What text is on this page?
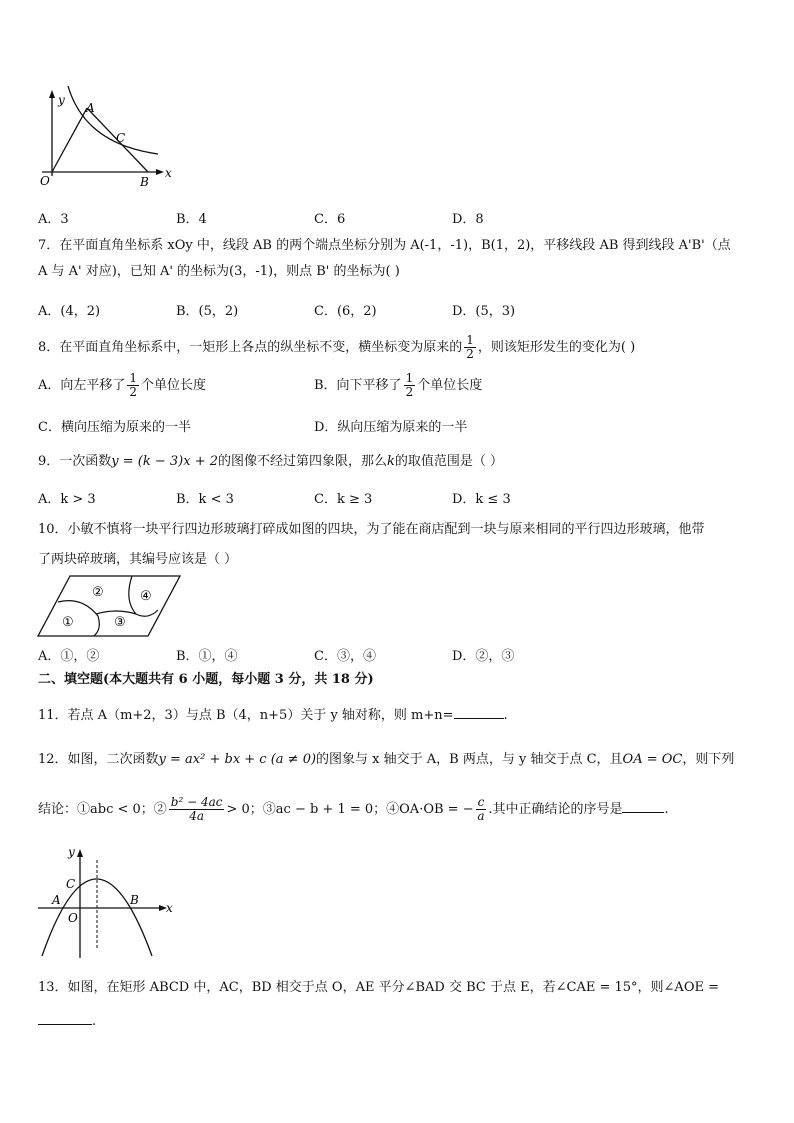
y
A
C
x
O	B
A．3	B．4	C．6	D．8
7．在平面直角坐标系 xOy 中，线段 AB 的两个端点坐标分别为 A(-1，-1)，B(1，2)，平移线段 AB 得到线段 A'B'（点
A 与 A' 对应)，已知 A' 的坐标为(3，-1)，则点 B' 的坐标为( )
A．(4，2)	B．(5，2)	C．(6，2)	D．(5，3)
8．在平面直角坐标系中，一矩形上各点的纵坐标不变，横坐标变为原来的 $\frac{1}{2}$ ，则该矩形发生的变化为( )
A．向左平移了 $\frac{1}{2}$ 个单位长度	B．向下平移了 $\frac{1}{2}$ 个单位长度
C．横向压缩为原来的一半	D．纵向压缩为原来的一半
9．一次函数y = (k − 3)x + 2的图像不经过第四象限，那么k的取值范围是（ ）
A．k > 3	B．k < 3	C．k ≥ 3	D．k ≤ 3
10．小敏不慎将一块平行四边形玻璃打碎成如图的四块，为了能在商店配到一块与原来相同的平行四边形玻璃，他带
了两块碎玻璃，其编号应该是（ ）
①
②
③
④
A．①，②	B．①，④	C．③，④	D．②，③
二、填空题(本大题共有 6 小题，每小题 3 分，共 18 分)
11．若点 A（m+2，3）与点 B（4，n+5）关于 y 轴对称，则 m+n=	.
12．如图，二次函数y = ax² + bx + c (a ≠ 0)的图象与 x 轴交于 A，B 两点，与 y 轴交于点 C，且OA = OC，则下列
结论：①abc < 0；② $\frac{\text{b² − 4ac}}{4a} > 0$；③ac − b + 1 = 0；④OA·OB = − $\frac{c}{a}$ .其中正确结论的序号是	.
y
C
A	B
O
x
13．如图，在矩形 ABCD 中，AC，BD 相交于点 O，AE 平分∠BAD 交 BC 于点 E，若∠CAE = 15°，则∠AOE =
.
